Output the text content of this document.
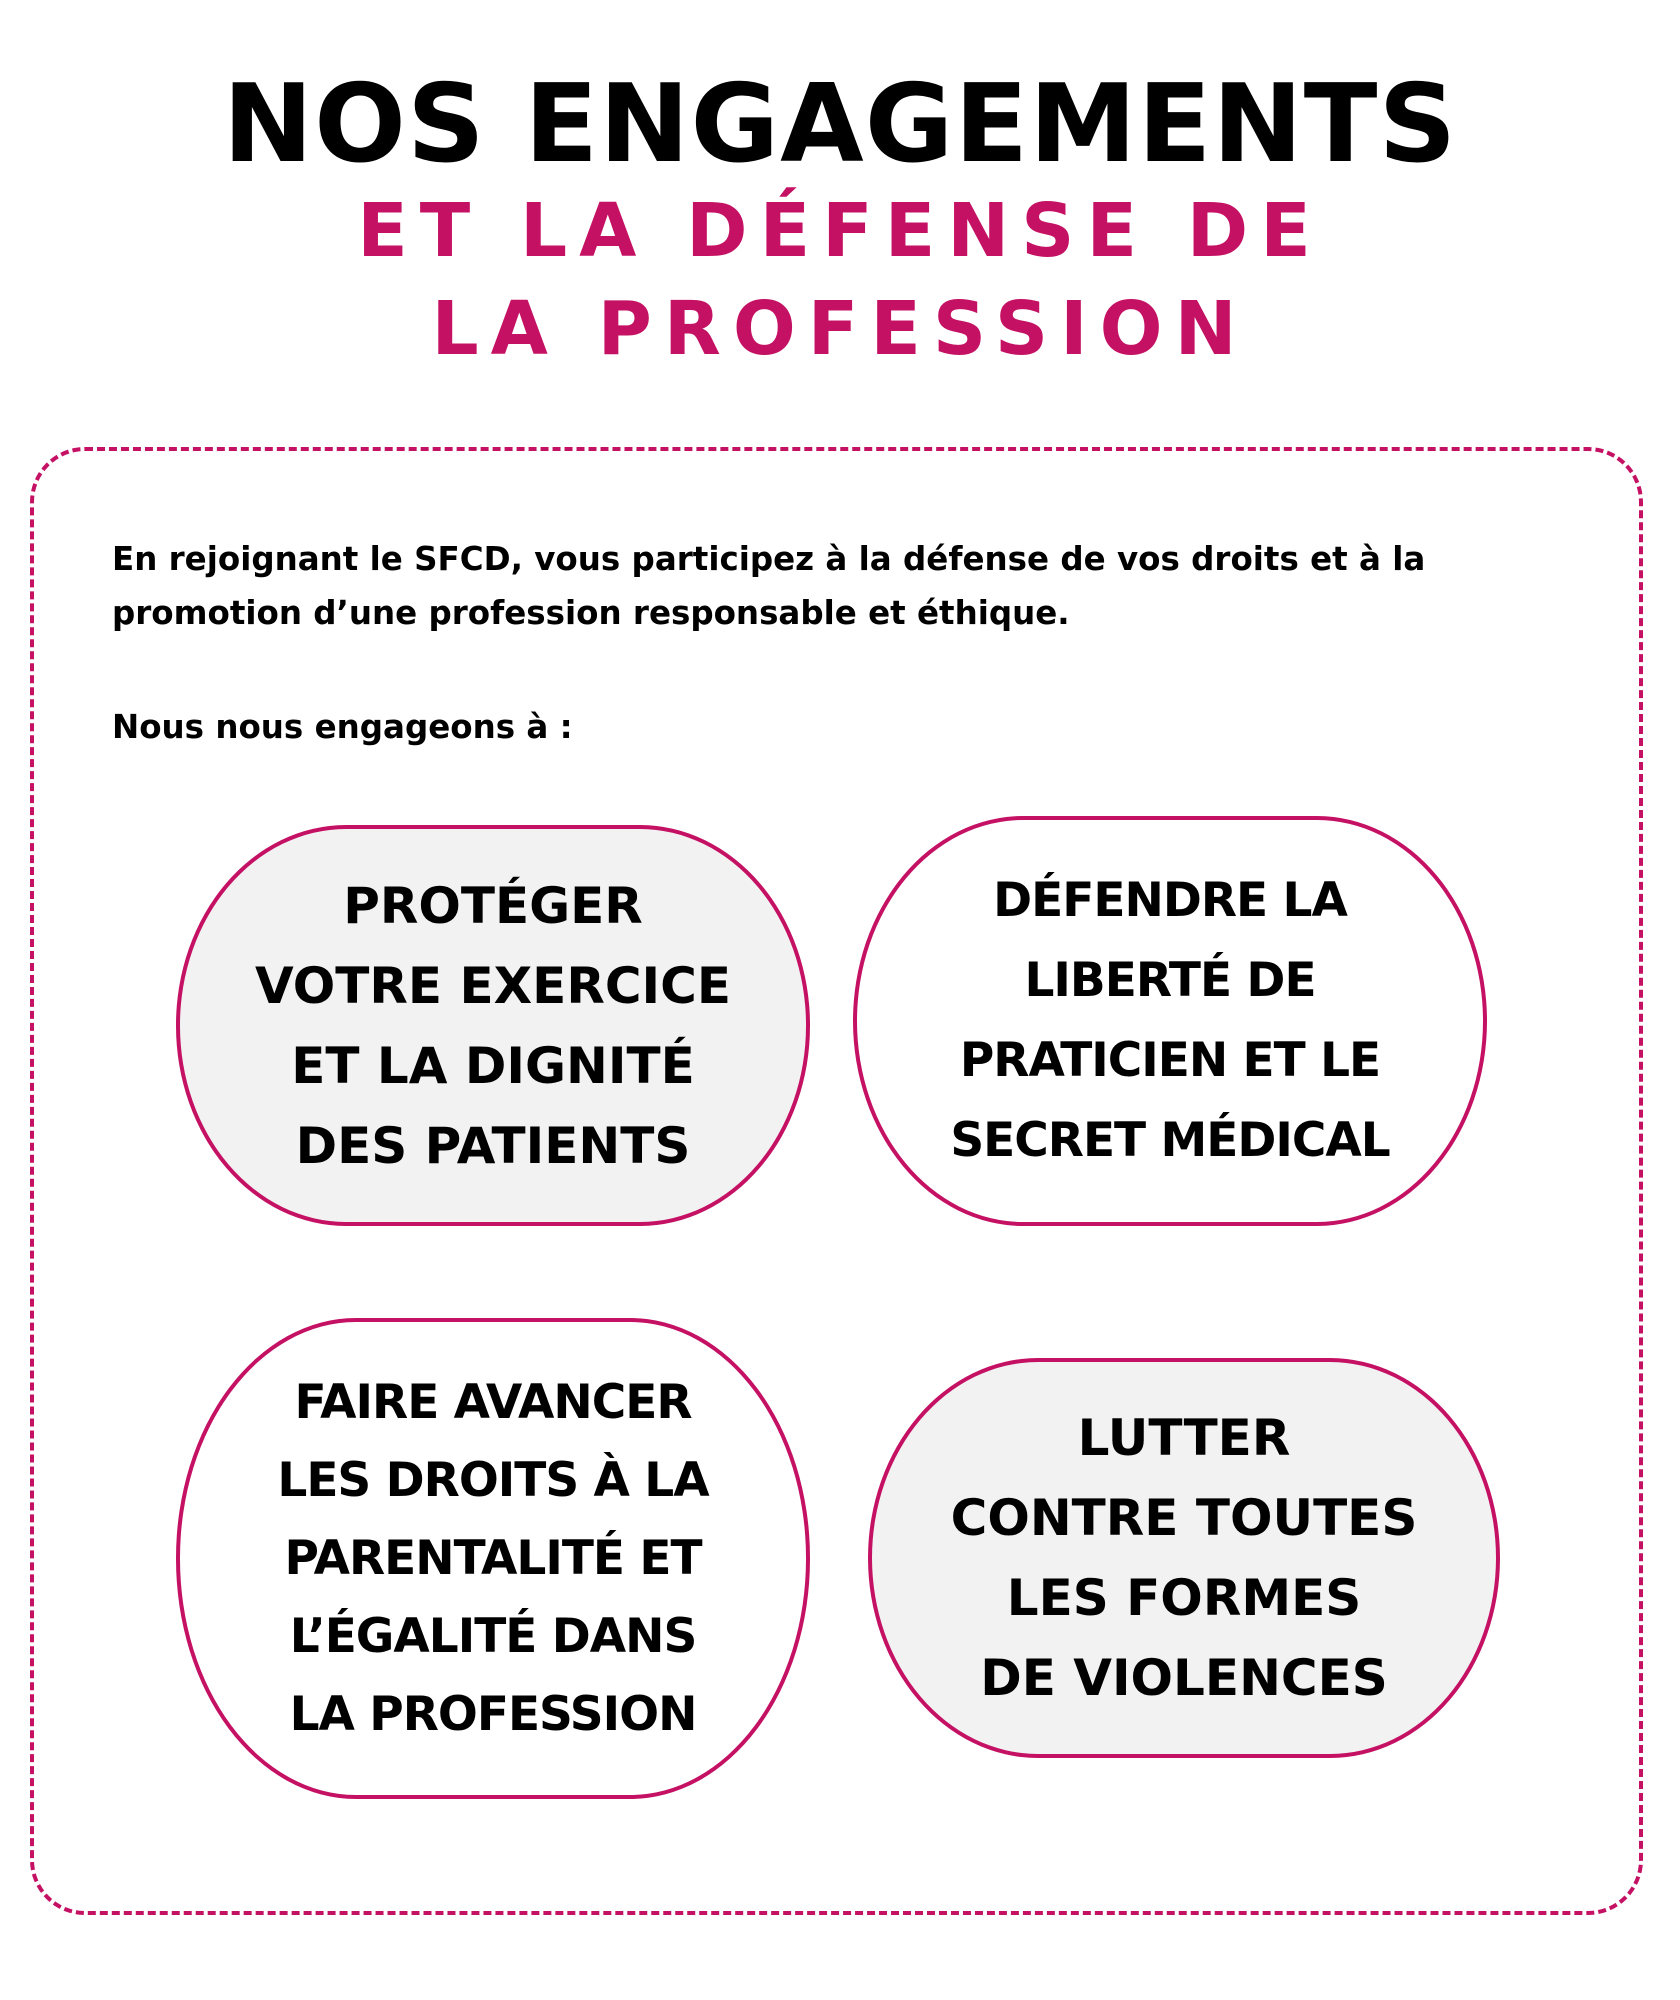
NOS ENGAGEMENTS
ET LA DÉFENSE DE
LA PROFESSION

En rejoignant le SFCD, vous participez à la défense de vos droits et à la promotion d’une profession responsable et éthique.

Nous nous engageons à :

PROTÉGER
VOTRE EXERCICE
ET LA DIGNITÉ
DES PATIENTS
DÉFENDRE LA
LIBERTÉ DE
PRATICIEN ET LE
SECRET MÉDICAL
FAIRE AVANCER
LES DROITS À LA
PARENTALITÉ ET
L’ÉGALITÉ DANS
LA PROFESSION
LUTTER
CONTRE TOUTES
LES FORMES
DE VIOLENCES
